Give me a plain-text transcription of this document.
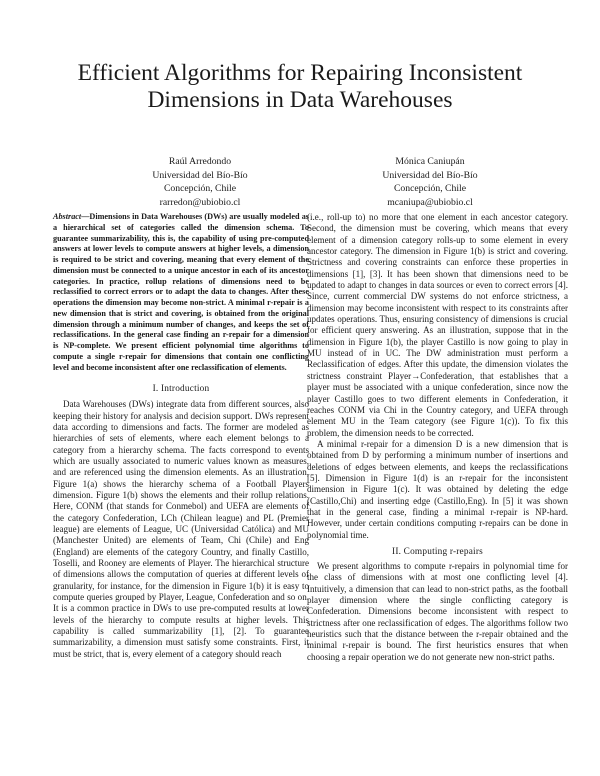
Efficient Algorithms for Repairing Inconsistent Dimensions in Data Warehouses
Raúl Arredondo
Universidad del Bío-Bío
Concepción, Chile
rarredon@ubiobio.cl
Mónica Caniupán
Universidad del Bío-Bío
Concepción, Chile
mcaniupa@ubiobio.cl

Abstract—Dimensions in Data Warehouses (DWs) are usually modeled as a hierarchical set of categories called the dimension schema. To guarantee summarizability, this is, the capability of using pre-computed answers at lower levels to compute answers at higher levels, a dimension is required to be strict and covering, meaning that every element of the dimension must be connected to a unique ancestor in each of its ancestor categories. In practice, rollup relations of dimensions need to be reclassified to correct errors or to adapt the data to changes. After these operations the dimension may become non-strict. A minimal r-repair is a new dimension that is strict and covering, is obtained from the original dimension through a minimum number of changes, and keeps the set of reclassifications. In the general case finding an r-repair for a dimension is NP-complete. We present efficient polynomial time algorithms to compute a single r-repair for dimensions that contain one conflicting level and become inconsistent after one reclassification of elements.

I. Introduction

Data Warehouses (DWs) integrate data from different sources, also keeping their history for analysis and decision support. DWs represent data according to dimensions and facts. The former are modeled as hierarchies of sets of elements, where each element belongs to a category from a hierarchy schema. The facts correspond to events which are usually associated to numeric values known as measures, and are referenced using the dimension elements. As an illustration, Figure 1(a) shows the hierarchy schema of a Football Players dimension. Figure 1(b) shows the elements and their rollup relations. Here, CONM (that stands for Conmebol) and UEFA are elements of the category Confederation, LCh (Chilean league) and PL (Premier league) are elements of League, UC (Universidad Católica) and MU (Manchester United) are elements of Team, Chi (Chile) and Eng (England) are elements of the category Country, and finally Castillo, Toselli, and Rooney are elements of Player. The hierarchical structure of dimensions allows the computation of queries at different levels of granularity, for instance, for the dimension in Figure 1(b) it is easy to compute queries grouped by Player, League, Confederation and so on. It is a common practice in DWs to use pre-computed results at lower levels of the hierarchy to compute results at higher levels. This capability is called summarizability [1], [2]. To guarantee summarizability, a dimension must satisfy some constraints. First, it must be strict, that is, every element of a category should reach

(i.e., roll-up to) no more that one element in each ancestor category. Second, the dimension must be covering, which means that every element of a dimension category rolls-up to some element in every ancestor category. The dimension in Figure 1(b) is strict and covering. Strictness and covering constraints can enforce these properties in dimensions [1], [3]. It has been shown that dimensions need to be updated to adapt to changes in data sources or even to correct errors [4]. Since, current commercial DW systems do not enforce strictness, a dimension may become inconsistent with respect to its constraints after updates operations. Thus, ensuring consistency of dimensions is crucial for efficient query answering. As an illustration, suppose that in the dimension in Figure 1(b), the player Castillo is now going to play in MU instead of in UC. The DW administration must perform a Reclassification of edges. After this update, the dimension violates the strictness constraint Player→Confederation, that establishes that a player must be associated with a unique confederation, since now the player Castillo goes to two different elements in Confederation, it reaches CONM via Chi in the Country category, and UEFA through element MU in the Team category (see Figure 1(c)). To fix this problem, the dimension needs to be corrected.

A minimal r-repair for a dimension D is a new dimension that is obtained from D by performing a minimum number of insertions and deletions of edges between elements, and keeps the reclassifications [5]. Dimension in Figure 1(d) is an r-repair for the inconsistent dimension in Figure 1(c). It was obtained by deleting the edge (Castillo,Chi) and inserting edge (Castillo,Eng). In [5] it was shown that in the general case, finding a minimal r-repair is NP-hard. However, under certain conditions computing r-repairs can be done in polynomial time.

II. Computing r-repairs

We present algorithms to compute r-repairs in polynomial time for the class of dimensions with at most one conflicting level [4]. Intuitively, a dimension that can lead to non-strict paths, as the football player dimension where the single conflicting category is Confederation. Dimensions become inconsistent with respect to strictness after one reclassification of edges. The algorithms follow two heuristics such that the distance between the r-repair obtained and the minimal r-repair is bound. The first heuristics ensures that when choosing a repair operation we do not generate new non-strict paths.
